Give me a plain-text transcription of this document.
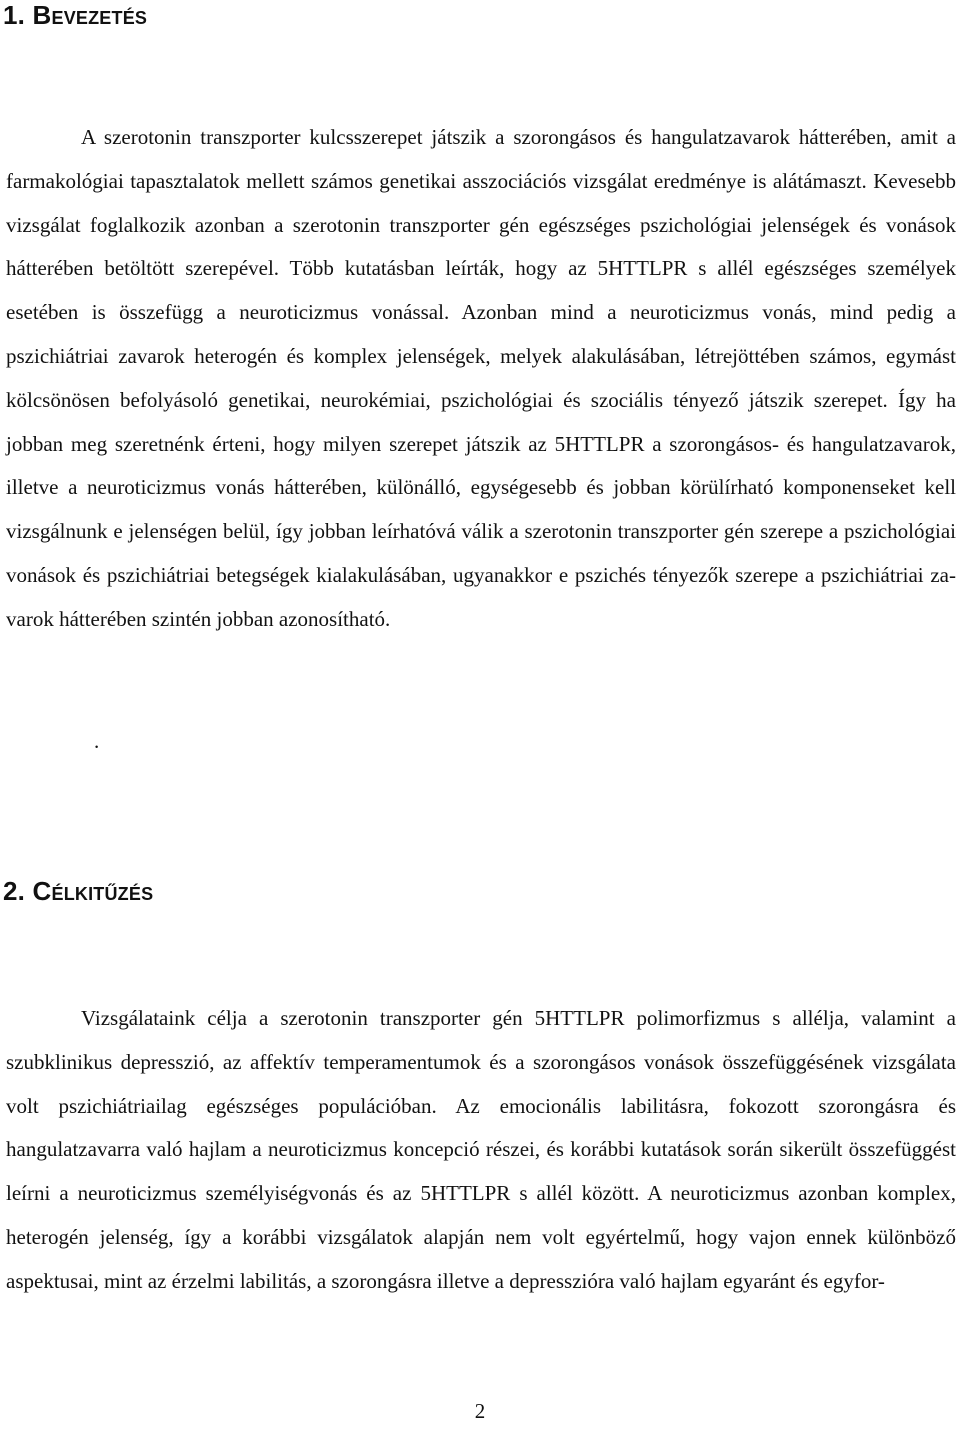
1. Bevezetés

A szerotonin transzporter kulcsszerepet játszik a szorongásos és hangulatzavarok hátterében, amit a farmakológiai tapasztalatok mellett számos genetikai asszociációs vizsgálat eredménye is alátámaszt. Kevesebb vizsgálat foglalkozik azonban a szerotonin transzporter gén egészséges pszichológiai jelenségek és vonások hátterében betöltött szerepével. Több kutatásban leírták, hogy az 5HTTLPR s allél egészséges személyek esetében is összefügg a neuroticizmus vonással. Azonban mind a neuroticizmus vonás, mind pedig a pszichiátriai zavarok heterogén és komplex jelenségek, melyek alakulásában, létrejöttében számos, egymást kölcsönösen befolyásoló genetikai, neurokémiai, pszichológiai és szociális tényező játszik szerepet. Így ha jobban meg szeretnénk érteni, hogy milyen szerepet játszik az 5HTTLPR a szorongásos- és hangulatzavarok, illetve a neuroticizmus vonás hátterében, különálló, egységesebb és jobban körülírható komponenseket kell vizsgálnunk e jelenségen belül, így jobban leírhatóvá válik a szerotonin transzporter gén szerepe a pszichológiai vonások és pszichiátriai betegségek kialakulásában, ugyanakkor e pszichés tényezők szerepe a pszichiátriai zavarok hátterében szintén jobban azonosítható.

.
2. Célkitűzés

Vizsgálataink célja a szerotonin transzporter gén 5HTTLPR polimorfizmus s allélja, valamint a szubklinikus depresszió, az affektív temperamentumok és a szorongásos vonások összefüggésének vizsgálata volt pszichiátriailag egészséges populációban. Az emocionális labilitásra, fokozott szorongásra és hangulatzavarra való hajlam a neuroticizmus koncepció részei, és korábbi kutatások során sikerült összefüggést leírni a neuroticizmus személyiségvonás és az 5HTTLPR s allél között. A neuroticizmus azonban komplex, heterogén jelenség, így a korábbi vizsgálatok alapján nem volt egyértelmű, hogy vajon ennek különböző aspektusai, mint az érzelmi labilitás, a szorongásra illetve a depresszióra való hajlam egyaránt és egyfor-

2
